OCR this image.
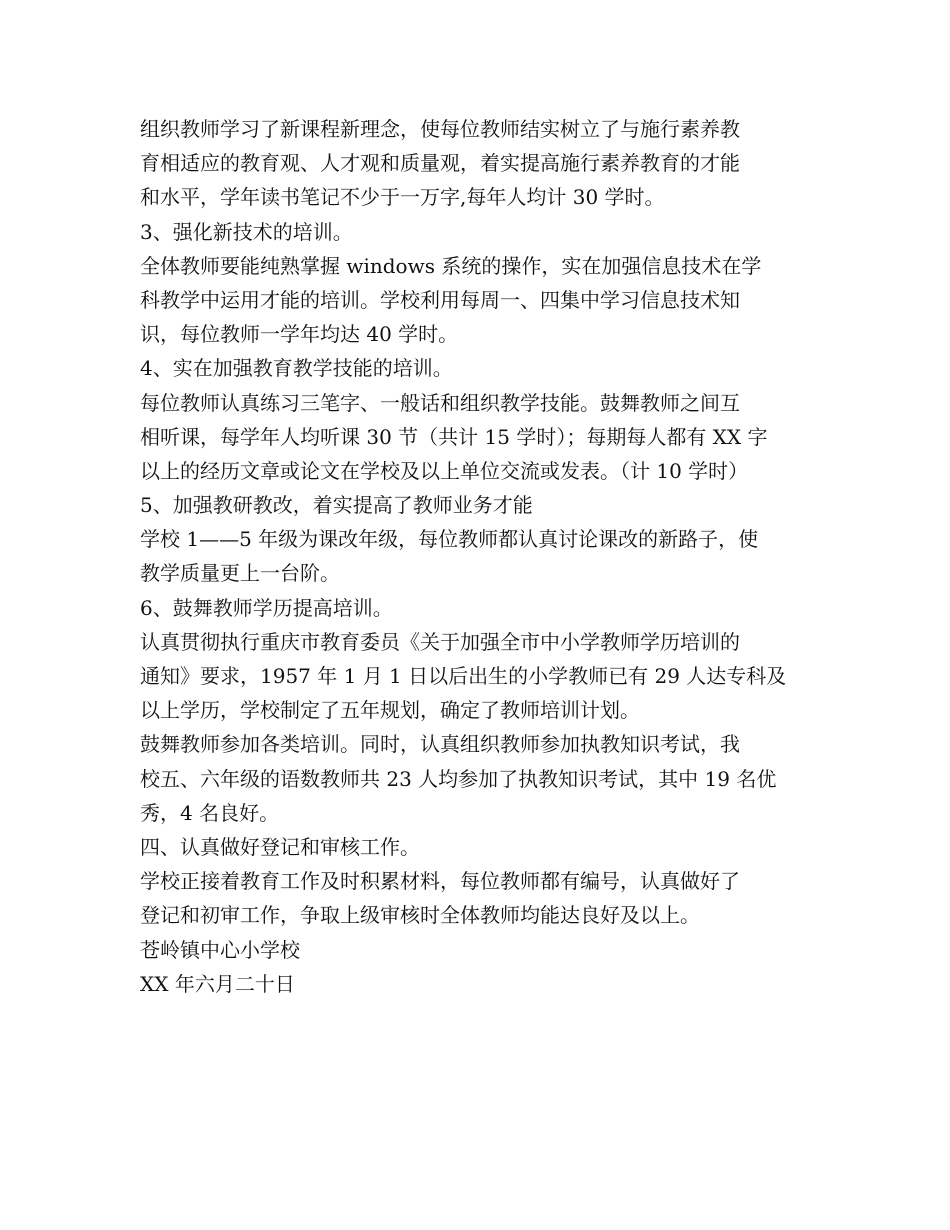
组织教师学习了新课程新理念，使每位教师结实树立了与施行素养教
育相适应的教育观、人才观和质量观，着实提高施行素养教育的才能
和水平，学年读书笔记不少于一万字,每年人均计 30 学时。
3、强化新技术的培训。
全体教师要能纯熟掌握 windows 系统的操作，实在加强信息技术在学
科教学中运用才能的培训。学校利用每周一、四集中学习信息技术知
识，每位教师一学年均达 40 学时。
4、实在加强教育教学技能的培训。
每位教师认真练习三笔字、一般话和组织教学技能。鼓舞教师之间互
相听课，每学年人均听课 30 节（共计 15 学时）；每期每人都有 XX 字
以上的经历文章或论文在学校及以上单位交流或发表。（计 10 学时）
5、加强教研教改，着实提高了教师业务才能
学校 1——5 年级为课改年级，每位教师都认真讨论课改的新路子，使
教学质量更上一台阶。
6、鼓舞教师学历提高培训。
认真贯彻执行重庆市教育委员《关于加强全市中小学教师学历培训的
通知》要求，1957 年 1 月 1 日以后出生的小学教师已有 29 人达专科及
以上学历，学校制定了五年规划，确定了教师培训计划。
鼓舞教师参加各类培训。同时，认真组织教师参加执教知识考试，我
校五、六年级的语数教师共 23 人均参加了执教知识考试，其中 19 名优
秀，4 名良好。
四、认真做好登记和审核工作。
学校正接着教育工作及时积累材料，每位教师都有编号，认真做好了
登记和初审工作，争取上级审核时全体教师均能达良好及以上。
苍岭镇中心小学校
XX 年六月二十日
